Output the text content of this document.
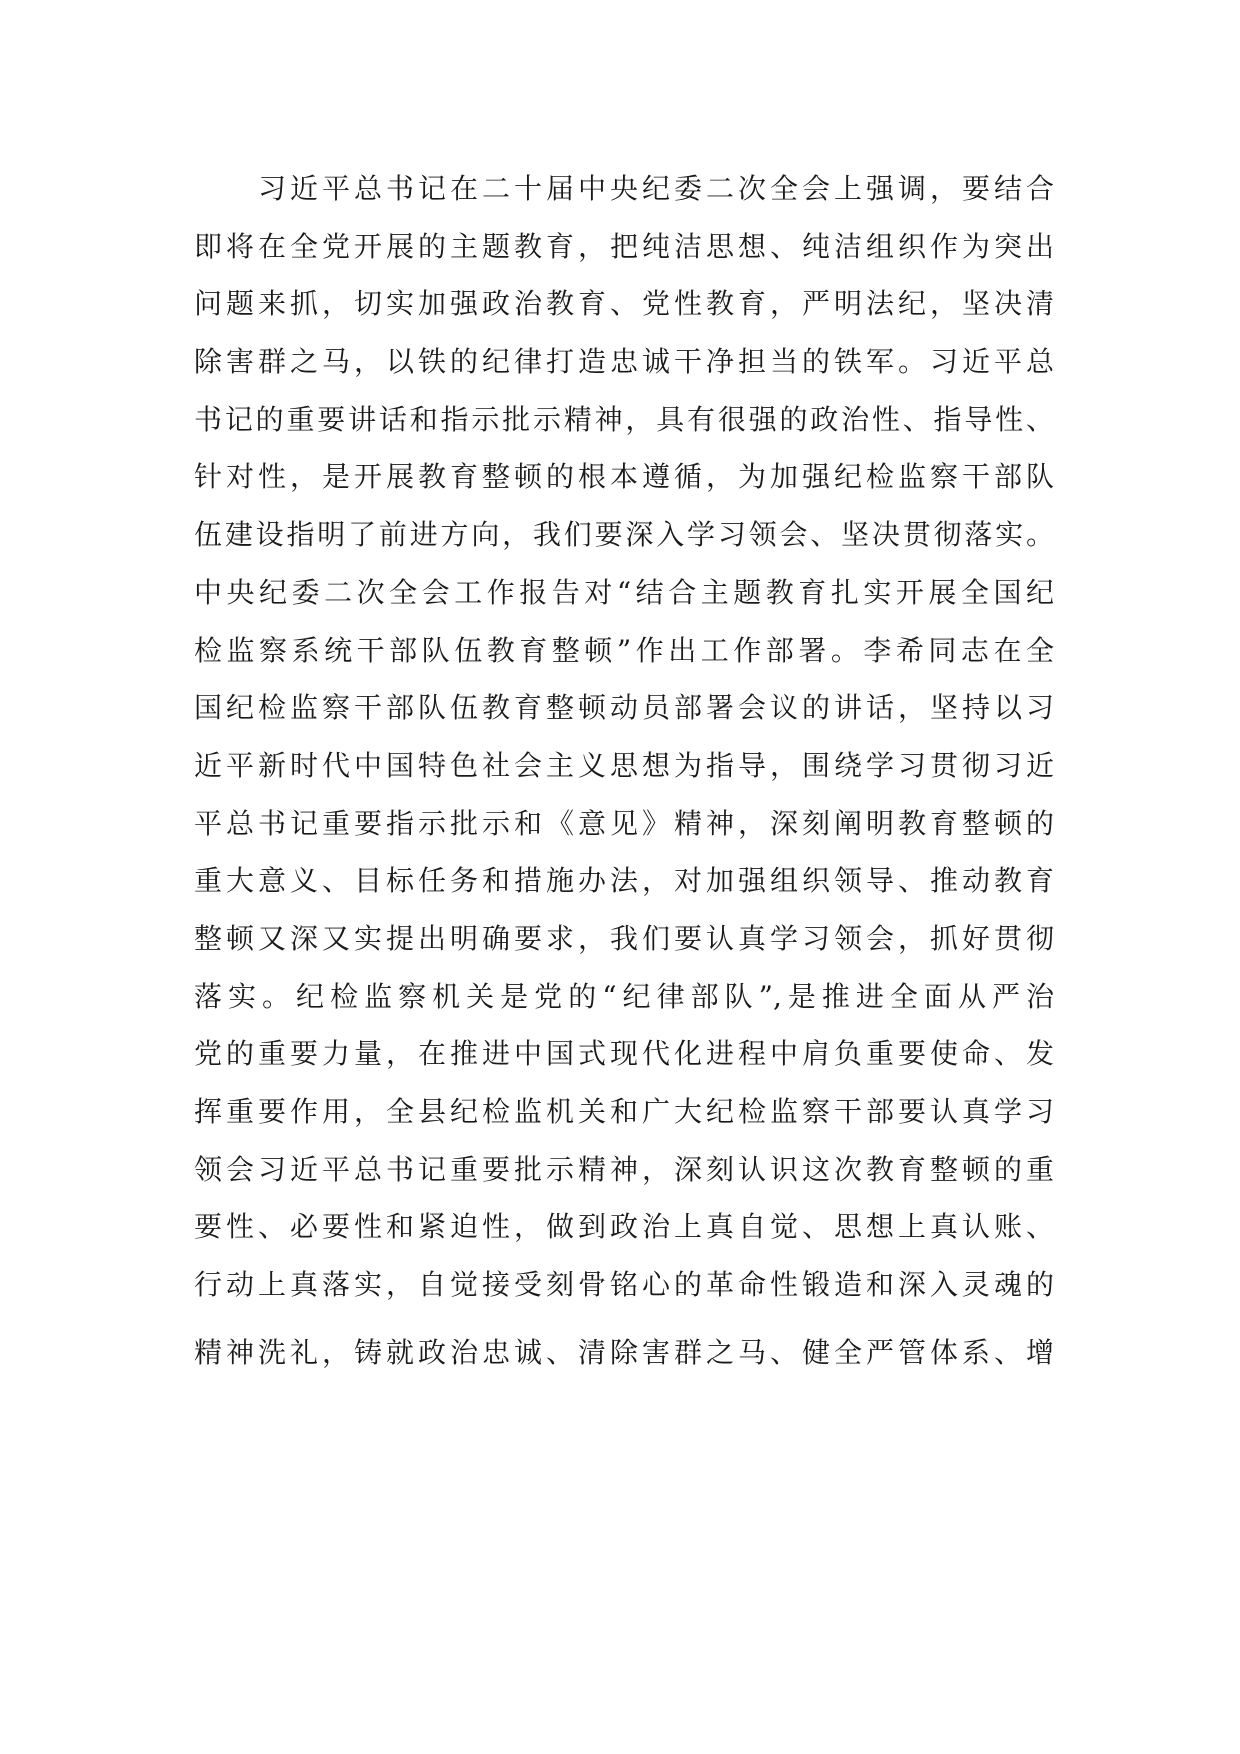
习近平总书记在二十届中央纪委二次全会上强调，要结合
即将在全党开展的主题教育，把纯洁思想、纯洁组织作为突出
问题来抓，切实加强政治教育、党性教育，严明法纪，坚决清
除害群之马，以铁的纪律打造忠诚干净担当的铁军。习近平总
书记的重要讲话和指示批示精神，具有很强的政治性、指导性、
针对性，是开展教育整顿的根本遵循，为加强纪检监察干部队
伍建设指明了前进方向，我们要深入学习领会、坚决贯彻落实。
中央纪委二次全会工作报告对“结合主题教育扎实开展全国纪
检监察系统干部队伍教育整顿”作出工作部署。李希同志在全
国纪检监察干部队伍教育整顿动员部署会议的讲话，坚持以习
近平新时代中国特色社会主义思想为指导，围绕学习贯彻习近
平总书记重要指示批示和《意见》精神，深刻阐明教育整顿的
重大意义、目标任务和措施办法，对加强组织领导、推动教育
整顿又深又实提出明确要求，我们要认真学习领会，抓好贯彻
落实。纪检监察机关是党的“纪律部队”,是推进全面从严治
党的重要力量，在推进中国式现代化进程中肩负重要使命、发
挥重要作用，全县纪检监机关和广大纪检监察干部要认真学习
领会习近平总书记重要批示精神，深刻认识这次教育整顿的重
要性、必要性和紧迫性，做到政治上真自觉、思想上真认账、
行动上真落实，自觉接受刻骨铭心的革命性锻造和深入灵魂的
精神洗礼，铸就政治忠诚、清除害群之马、健全严管体系、增
